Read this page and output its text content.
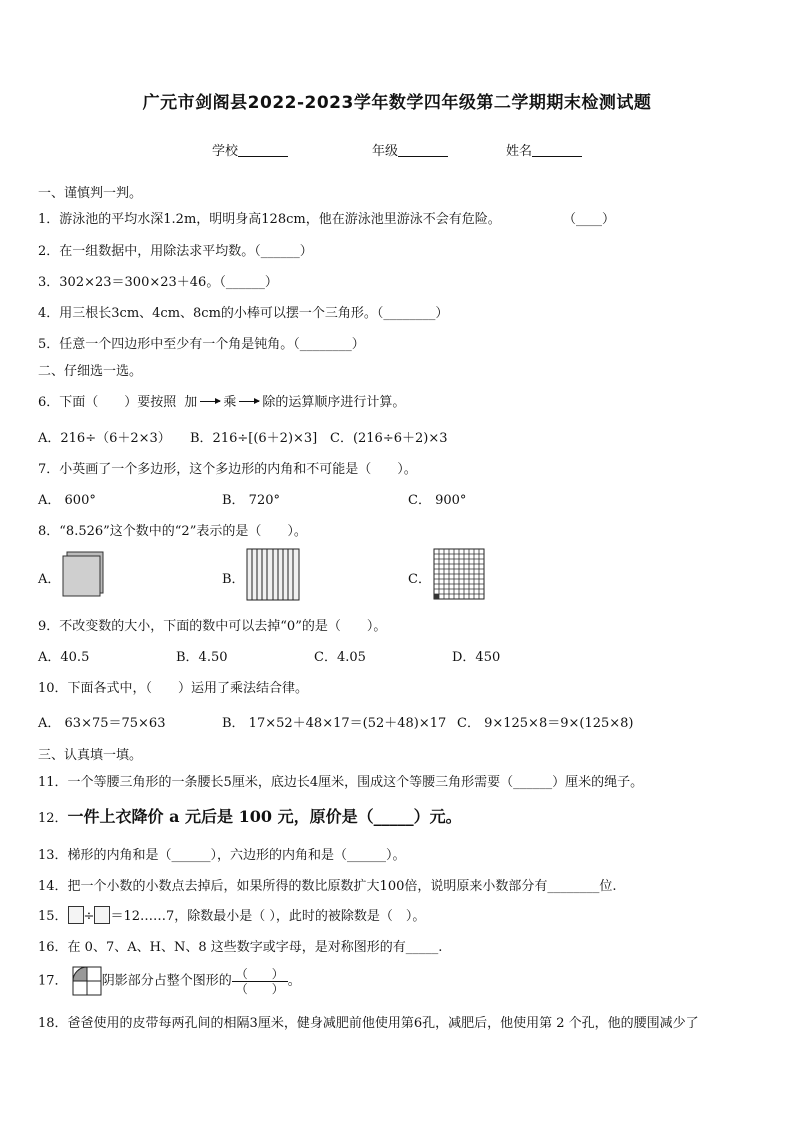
广元市剑阁县2022-2023学年数学四年级第二学期期末检测试题
学校	年级	姓名
一、谨慎判一判。
1．游泳池的平均水深1.2m，明明身高128cm，他在游泳池里游泳不会有危险。	（____）
2．在一组数据中，用除法求平均数。（______）
3．302×23＝300×23＋46。（______）
4．用三根长3cm、4cm、8cm的小棒可以摆一个三角形。（________）
5．任意一个四边形中至少有一个角是钝角。（________）
二、仔细选一选。
6．下面（　　）要按照 加 乘 除的运算顺序进行计算。
A．216÷（6＋2×3） B．216÷[(6＋2)×3] C．(216÷6＋2)×3
7．小英画了一个多边形，这个多边形的内角和不可能是（　　）。
A． 600°	B． 720°	C． 900°
8．“8.526”这个数中的“2”表示的是（　　）。
A．	B．	C．
9．不改变数的大小，下面的数中可以去掉“0”的是（　　）。
A．40.5	B．4.50	C．4.05	D．450
10．下面各式中，（　　）运用了乘法结合律。
A． 63×75＝75×63	B． 17×52＋48×17＝(52＋48)×17 C． 9×125×8＝9×(125×8)
三、认真填一填。
11．一个等腰三角形的一条腰长5厘米，底边长4厘米，围成这个等腰三角形需要（______）厘米的绳子。
12．一件上衣降价 a 元后是 100 元，原价是（_____）元。
13．梯形的内角和是（______），六边形的内角和是（______）。
14．把一个小数的小数点去掉后，如果所得的数比原数扩大100倍，说明原来小数部分有________位.
15． ÷ ＝12……7，除数最小是（ ），此时的被除数是（　）。
16．在 0、7、A、H、N、8 这些数字或字母，是对称图形的有_____.
17．	阴影部分占整个图形的 $\frac{( )}{( )}$ 。
18．爸爸使用的皮带每两孔间的相隔3厘米，健身减肥前他使用第6孔，减肥后，他使用第 2 个孔，他的腰围减少了
